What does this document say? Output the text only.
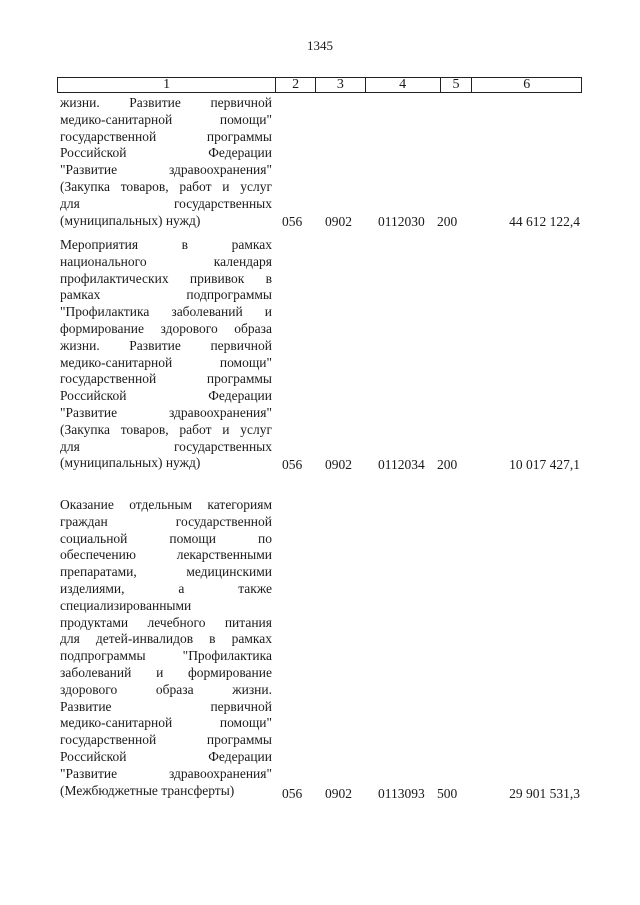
1345
1	2	3	4	5	6
жизни. Развитие первичной
медико-санитарной помощи"
государственной программы
Российской Федерации
"Развитие здравоохранения"
(Закупка товаров, работ и услуг
для государственных
(муниципальных) нужд)	056 0902 0112030 200	44 612 122,4
Мероприятия в рамках
национального календаря
профилактических прививок в
рамках подпрограммы
"Профилактика заболеваний и
формирование здорового образа
жизни. Развитие первичной
медико-санитарной помощи"
государственной программы
Российской Федерации
"Развитие здравоохранения"
(Закупка товаров, работ и услуг
для государственных
(муниципальных) нужд)	056 0902 0112034 200	10 017 427,1
Оказание отдельным категориям
граждан государственной
социальной помощи по
обеспечению лекарственными
препаратами, медицинскими
изделиями, а также
специализированными
продуктами лечебного питания
для детей-инвалидов в рамках
подпрограммы "Профилактика
заболеваний и формирование
здорового образа жизни.
Развитие первичной
медико-санитарной помощи"
государственной программы
Российской Федерации
"Развитие здравоохранения"
(Межбюджетные трансферты)	056 0902 0113093 500	29 901 531,3
